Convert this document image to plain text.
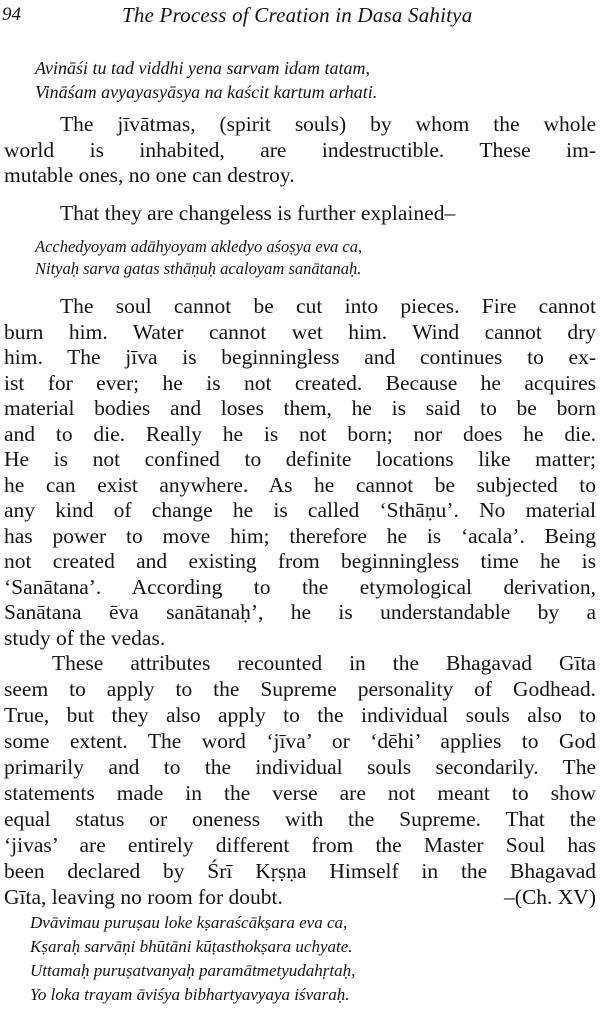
94	The Process of Creation in Dasa Sahitya
Avināśi tu tad viddhi yena sarvam idam tatam,
Vināśam avyayasyāsya na kaścit kartum arhati.
The jīvātmas, (spirit souls) by whom the whole
world is inhabited, are indestructible. These im-
mutable ones, no one can destroy.
That they are changeless is further explained–
Acchedyoyam adāhyoyam akledyo aśoṣya eva ca,
Nityaḥ sarva gatas sthāṇuḥ acaloyam sanātanaḥ.
The soul cannot be cut into pieces. Fire cannot
burn him. Water cannot wet him. Wind cannot dry
him. The jīva is beginningless and continues to ex-
ist for ever; he is not created. Because he acquires
material bodies and loses them, he is said to be born
and to die. Really he is not born; nor does he die.
He is not confined to definite locations like matter;
he can exist anywhere. As he cannot be subjected to
any kind of change he is called ‘Sthāṇu’. No material
has power to move him; therefore he is ‘acala’. Being
not created and existing from beginningless time he is
‘Sanātana’. According to the etymological derivation,
Sanātana ēva sanātanaḥ’, he is understandable by a
study of the vedas.
These attributes recounted in the Bhagavad Gīta
seem to apply to the Supreme personality of Godhead.
True, but they also apply to the individual souls also to
some extent. The word ‘jīva’ or ‘dēhi’ applies to God
primarily and to the individual souls secondarily. The
statements made in the verse are not meant to show
equal status or oneness with the Supreme. That the
‘jivas’ are entirely different from the Master Soul has
been declared by Śrī Kṛṣṇa Himself in the Bhagavad
Gīta, leaving no room for doubt.	–(Ch. XV)
Dvāvimau puruṣau loke kṣaraścākṣara eva ca,
Kṣaraḥ sarvāṇi bhūtāni kūṭasthokṣara uchyate.
Uttamaḥ puruṣatvanyaḥ paramātmetyudahṛtaḥ,
Yo loka trayam āviśya bibhartyavyaya iśvaraḥ.
